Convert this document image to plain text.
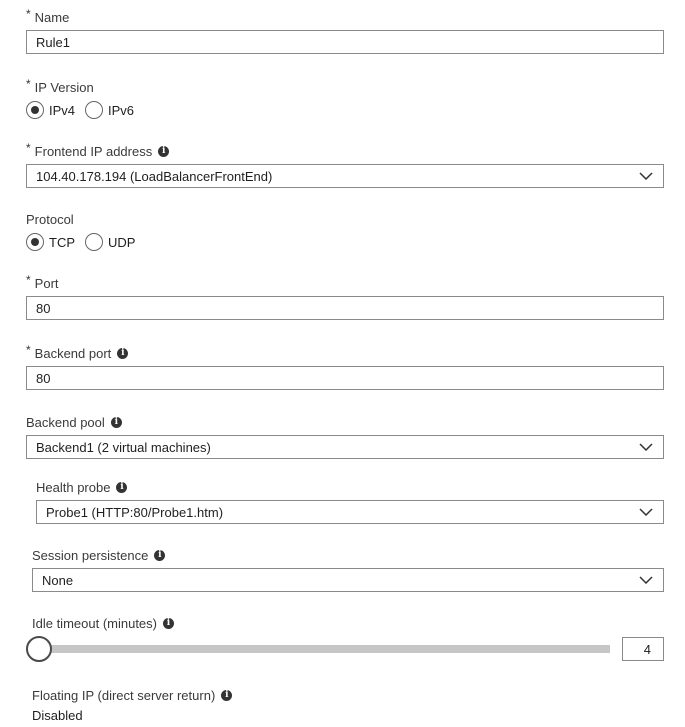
* Name
Rule1
* IP Version
IPv4	IPv6
* Frontend IP address	i
104.40.178.194 (LoadBalancerFrontEnd)
Protocol
TCP	UDP
* Port
80
* Backend port	i
80
Backend pool	i
Backend1 (2 virtual machines)
Health probe	i
Probe1 (HTTP:80/Probe1.htm)
Session persistence	i
None
Idle timeout (minutes)	i
4
Floating IP (direct server return)	i
Disabled
